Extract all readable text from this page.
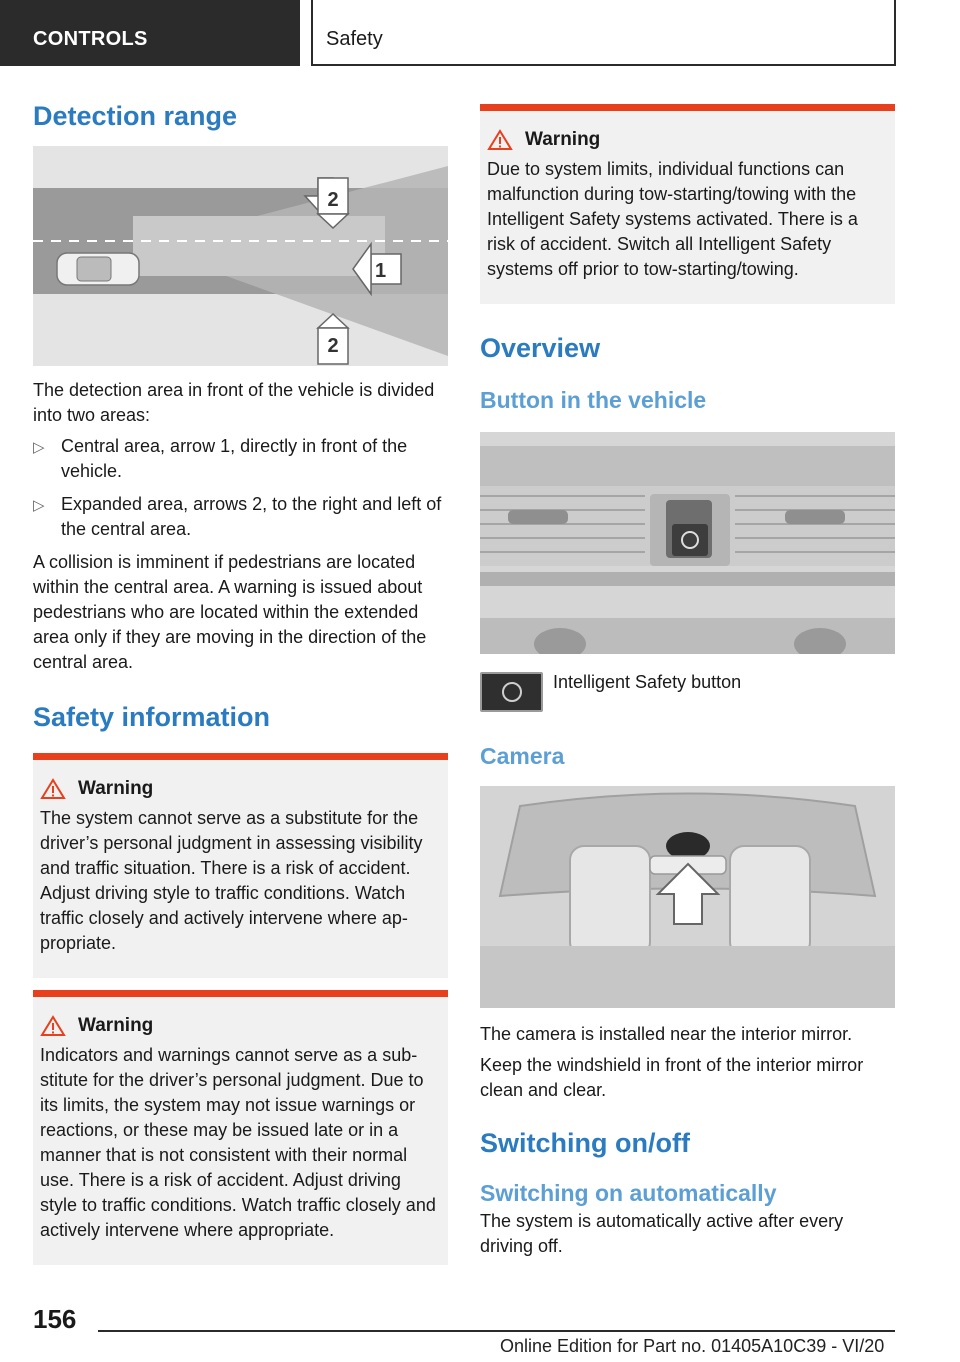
CONTROLS	Safety
Detection range
2
1
2

The detection area in front of the vehicle is divided into two areas:

▷ Central area, arrow 1, directly in front of the vehicle.
▷ Expanded area, arrows 2, to the right and left of the central area.

A collision is imminent if pedestrians are located within the central area. A warning is issued about pedestrians who are located within the extended area only if they are moving in the direction of the central area.

Safety information
Warning
The system cannot serve as a substitute for the driver’s personal judgment in assessing visibility and traffic situation. There is a risk of accident. Adjust driving style to traffic conditions. Watch traffic closely and actively intervene where appropriate.
Warning
Indicators and warnings cannot serve as a substitute for the driver’s personal judgment. Due to its limits, the system may not issue warnings or reactions, or these may be issued late or in a manner that is not consistent with their normal use. There is a risk of accident. Adjust driving style to traffic conditions. Watch traffic closely and actively intervene where appropriate.
Warning
Due to system limits, individual functions can malfunction during tow-starting/towing with the Intelligent Safety systems activated. There is a risk of accident. Switch all Intelligent Safety systems off prior to tow-starting/towing.
Overview
Button in the vehicle
Intelligent Safety button
Camera

The camera is installed near the interior mirror.

Keep the windshield in front of the interior mirror clean and clear.

Switching on/off
Switching on automatically

The system is automatically active after every driving off.

156
Online Edition for Part no. 01405A10C39 - VI/20
